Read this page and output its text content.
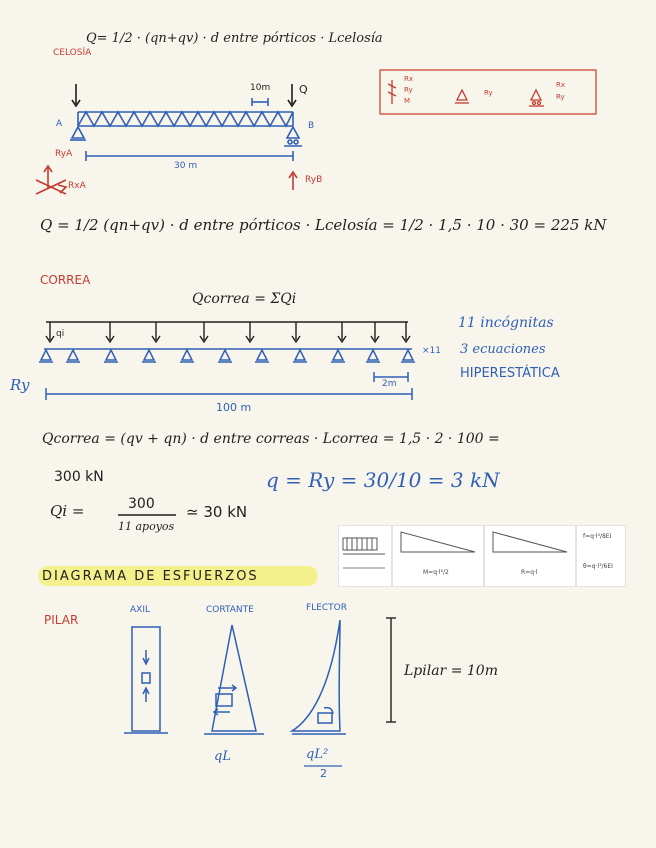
CELOSÍA
Q= 1/2 · (qn+qv) · d entre pórticos · Lcelosía
10m	Q
A	B
30 m
RyA
RxA
RyB
Rx
Ry
M
Ry
Rx
Ry
Q = 1/2 (qn+qv) · d entre pórticos · Lcelosía = 1/2 · 1,5 · 10 · 30 = 225 kN
CORREA
Qcorrea = ΣQi
qi
×11
2m
Ry
100 m
11 incógnitas
3 ecuaciones
HIPERESTÁTICA
Qcorrea = (qv + qn) · d entre correas · Lcorrea = 1,5 · 2 · 100 =
300 kN
Qi =	300
11 apoyos
≃ 30 kN
q = Ry = 30/10 = 3 kN
M=q·l²/2	R=q·l
f=q·l⁴/8EI
θ=q·l³/6EI
DIAGRAMA DE ESFUERZOS
PILAR
AXIL	CORTANTE	FLECTOR
qL	qL²
2
Lpilar = 10m
